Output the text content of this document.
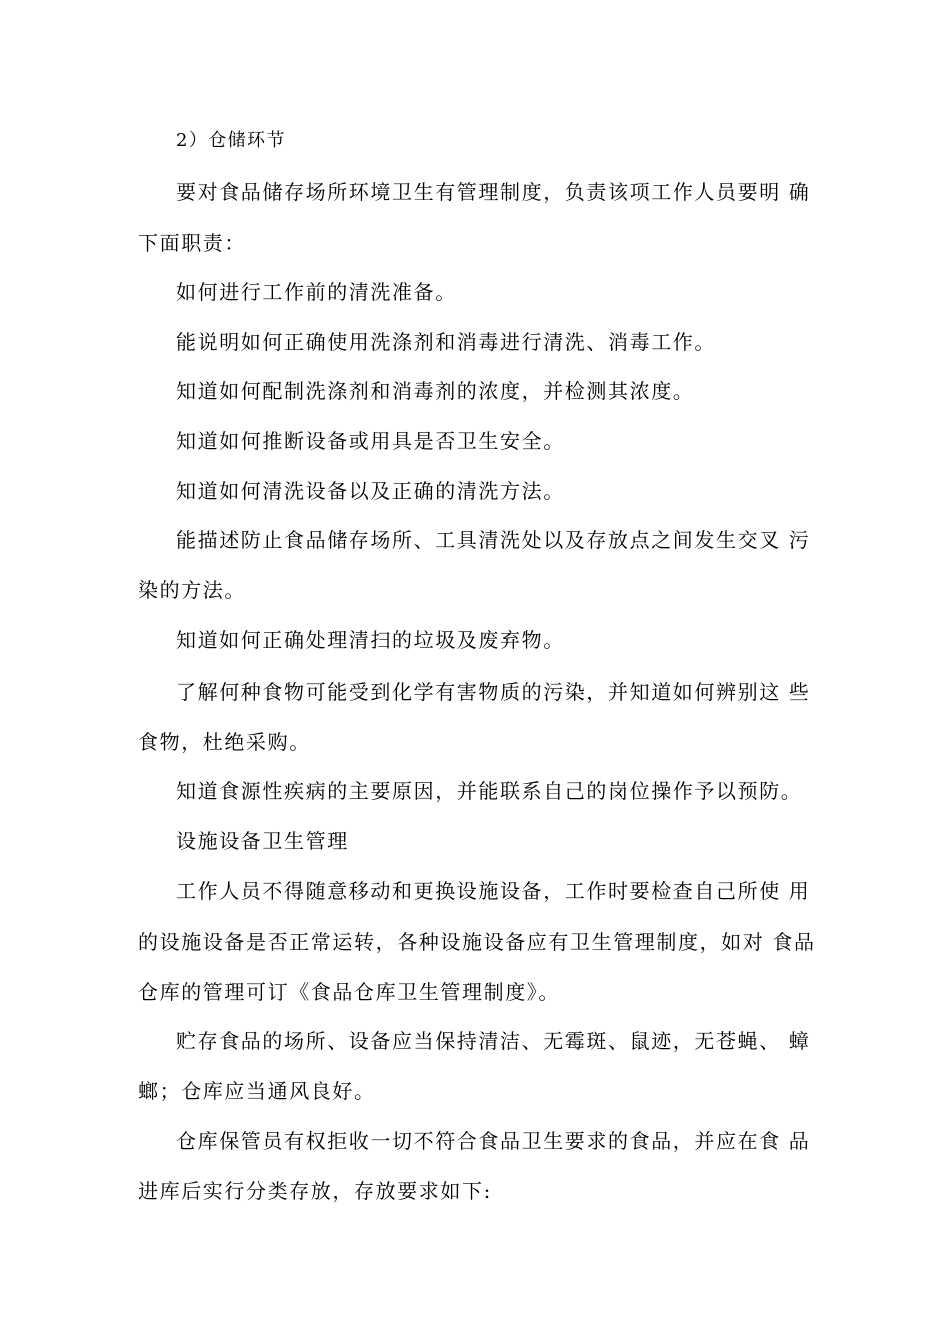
2）仓储环节
要对食品储存场所环境卫生有管理制度，负责该项工作人员要明 确
下面职责：
如何进行工作前的清洗准备。
能说明如何正确使用洗涤剂和消毒进行清洗、消毒工作。
知道如何配制洗涤剂和消毒剂的浓度，并检测其浓度。
知道如何推断设备或用具是否卫生安全。
知道如何清洗设备以及正确的清洗方法。
能描述防止食品储存场所、工具清洗处以及存放点之间发生交叉 污
染的方法。
知道如何正确处理清扫的垃圾及废弃物。
了解何种食物可能受到化学有害物质的污染，并知道如何辨别这 些
食物，杜绝采购。
知道食源性疾病的主要原因，并能联系自己的岗位操作予以预防。
设施设备卫生管理
工作人员不得随意移动和更换设施设备，工作时要检查自己所使 用
的设施设备是否正常运转，各种设施设备应有卫生管理制度，如对 食品
仓库的管理可订《食品仓库卫生管理制度》。
贮存食品的场所、设备应当保持清洁、无霉斑、鼠迹，无苍蝇、 蟑
螂；仓库应当通风良好。
仓库保管员有权拒收一切不符合食品卫生要求的食品，并应在食 品
进库后实行分类存放，存放要求如下:
